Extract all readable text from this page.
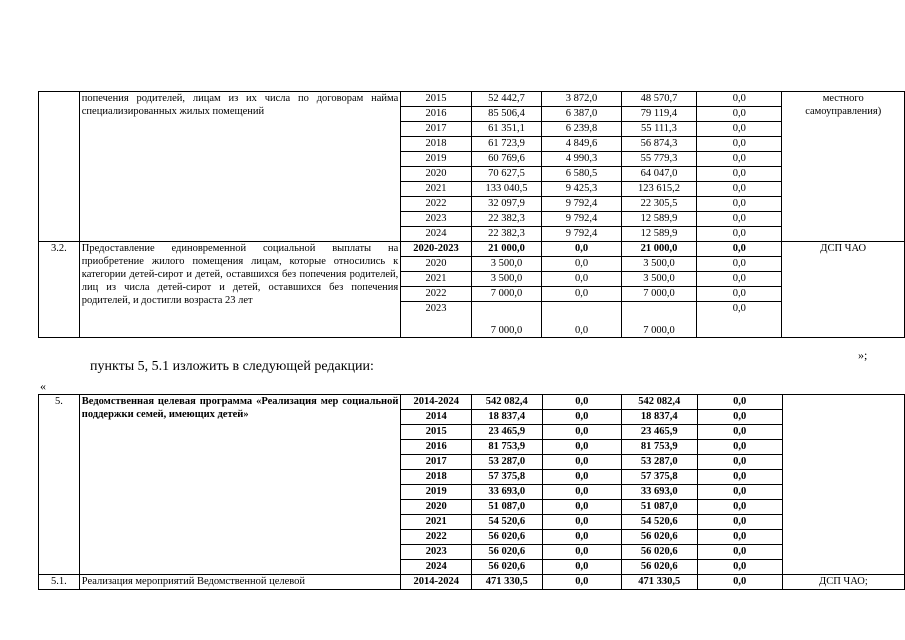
	попечения родителей, лицам из их числа по договорам найма специализированных жилых помещений	2015	52 442,7	3 872,0	48 570,7	0,0	местного самоуправления)
		2016	85 506,4	6 387,0	79 119,4	0,0	
		2017	61 351,1	6 239,8	55 111,3	0,0	
		2018	61 723,9	4 849,6	56 874,3	0,0	
		2019	60 769,6	4 990,3	55 779,3	0,0	
		2020	70 627,5	6 580,5	64 047,0	0,0	
		2021	133 040,5	9 425,3	123 615,2	0,0	
		2022	32 097,9	9 792,4	22 305,5	0,0	
		2023	22 382,3	9 792,4	12 589,9	0,0	
		2024	22 382,3	9 792,4	12 589,9	0,0	
3.2.	Предоставление единовременной социальной выплаты на приобретение жилого помещения лицам, которые относились к категории детей-сирот и детей, оставшихся без попечения родителей, лиц из числа детей-сирот и детей, оставшихся без попечения родителей, и достигли возраста 23 лет	2020-2023	21 000,0	0,0	21 000,0	0,0	ДСП ЧАО
		2020	3 500,0	0,0	3 500,0	0,0	
		2021	3 500,0	0,0	3 500,0	0,0	
		2022	7 000,0	0,0	7 000,0	0,0	
		2023	7 000,0	0,0	7 000,0	0,0	
»;
пункты 5, 5.1 изложить в следующей редакции:
«
5.	Ведомственная целевая программа «Реализация мер социальной поддержки семей, имеющих детей»	2014-2024	542 082,4	0,0	542 082,4	0,0	
		2014	18 837,4	0,0	18 837,4	0,0	
		2015	23 465,9	0,0	23 465,9	0,0	
		2016	81 753,9	0,0	81 753,9	0,0	
		2017	53 287,0	0,0	53 287,0	0,0	
		2018	57 375,8	0,0	57 375,8	0,0	
		2019	33 693,0	0,0	33 693,0	0,0	
		2020	51 087,0	0,0	51 087,0	0,0	
		2021	54 520,6	0,0	54 520,6	0,0	
		2022	56 020,6	0,0	56 020,6	0,0	
		2023	56 020,6	0,0	56 020,6	0,0	
		2024	56 020,6	0,0	56 020,6	0,0	
5.1.	Реализация мероприятий Ведомственной целевой	2014-2024	471 330,5	0,0	471 330,5	0,0	ДСП ЧАО;
